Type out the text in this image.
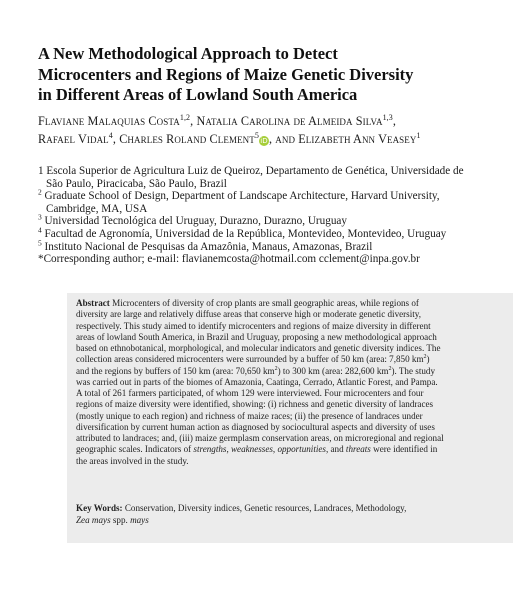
A New Methodological Approach to Detect
Microcenters and Regions of Maize Genetic Diversity
in Different Areas of Lowland South America
Flaviane Malaquias Costa$^{1,2}$, Natalia Carolina de Almeida Silva$^{1,3}$,
Rafael Vidal$^4$, Charles Roland Clement$^5$iD, and Elizabeth Ann Veasey$^1$
1 Escola Superior de Agricultura Luiz de Queiroz, Departamento de Genética, Universidade de
São Paulo, Piracicaba, São Paulo, Brazil
$^2$ Graduate School of Design, Department of Landscape Architecture, Harvard University,
Cambridge, MA, USA
$^3$ Universidad Tecnológica del Uruguay, Durazno, Durazno, Uruguay
$^4$ Facultad de Agronomía, Universidad de la República, Montevideo, Montevideo, Uruguay
$^5$ Instituto Nacional de Pesquisas da Amazônia, Manaus, Amazonas, Brazil
*Corresponding author; e-mail: flavianemcosta@hotmail.com cclement@inpa.gov.br
Abstract Microcenters of diversity of crop plants are small geographic areas, while regions of
diversity are large and relatively diffuse areas that conserve high or moderate genetic diversity,
respectively. This study aimed to identify microcenters and regions of maize diversity in different
areas of lowland South America, in Brazil and Uruguay, proposing a new methodological approach
based on ethnobotanical, morphological, and molecular indicators and genetic diversity indices. The
collection areas considered microcenters were surrounded by a buffer of 50 km (area: 7,850 $km^2$)
and the regions by buffers of 150 km (area: 70,650 $km^2$) to 300 km (area: 282,600 $km^2$). The study
was carried out in parts of the biomes of Amazonia, Caatinga, Cerrado, Atlantic Forest, and Pampa.
A total of 261 farmers participated, of whom 129 were interviewed. Four microcenters and four
regions of maize diversity were identified, showing: (i) richness and genetic diversity of landraces
(mostly unique to each region) and richness of maize races; (ii) the presence of landraces under
diversification by current human action as diagnosed by sociocultural aspects and diversity of uses
attributed to landraces; and, (iii) maize germplasm conservation areas, on microregional and regional
geographic scales. Indicators of strengths, weaknesses, opportunities, and threats were identified in
the areas involved in the study.
Key Words: Conservation, Diversity indices, Genetic resources, Landraces, Methodology,
Zea mays spp. mays
